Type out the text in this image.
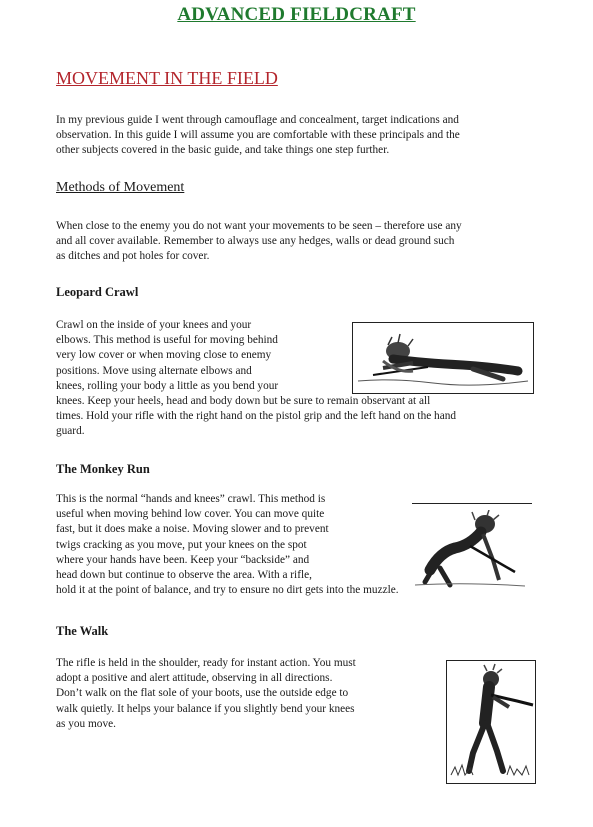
ADVANCED FIELDCRAFT
MOVEMENT IN THE FIELD
In my previous guide I went through camouflage and concealment, target indications and
observation. In this guide I will assume you are comfortable with these principals and the
other subjects covered in the basic guide, and take things one step further.
Methods of Movement
When close to the enemy you do not want your movements to be seen – therefore use any
and all cover available. Remember to always use any hedges, walls or dead ground such
as ditches and pot holes for cover.
Leopard Crawl
Crawl on the inside of your knees and your
elbows. This method is useful for moving behind
very low cover or when moving close to enemy
positions. Move using alternate elbows and
knees, rolling your body a little as you bend your
knees. Keep your heels, head and body down but be sure to remain observant at all
times. Hold your rifle with the right hand on the pistol grip and the left hand on the hand
guard.
The Monkey Run
This is the normal “hands and knees” crawl. This method is
useful when moving behind low cover. You can move quite
fast, but it does make a noise. Moving slower and to prevent
twigs cracking as you move, put your knees on the spot
where your hands have been. Keep your “backside” and
head down but continue to observe the area. With a rifle,
hold it at the point of balance, and try to ensure no dirt gets into the muzzle.
The Walk
The rifle is held in the shoulder, ready for instant action. You must
adopt a positive and alert attitude, observing in all directions.
Don’t walk on the flat sole of your boots, use the outside edge to
walk quietly. It helps your balance if you slightly bend your knees
as you move.
